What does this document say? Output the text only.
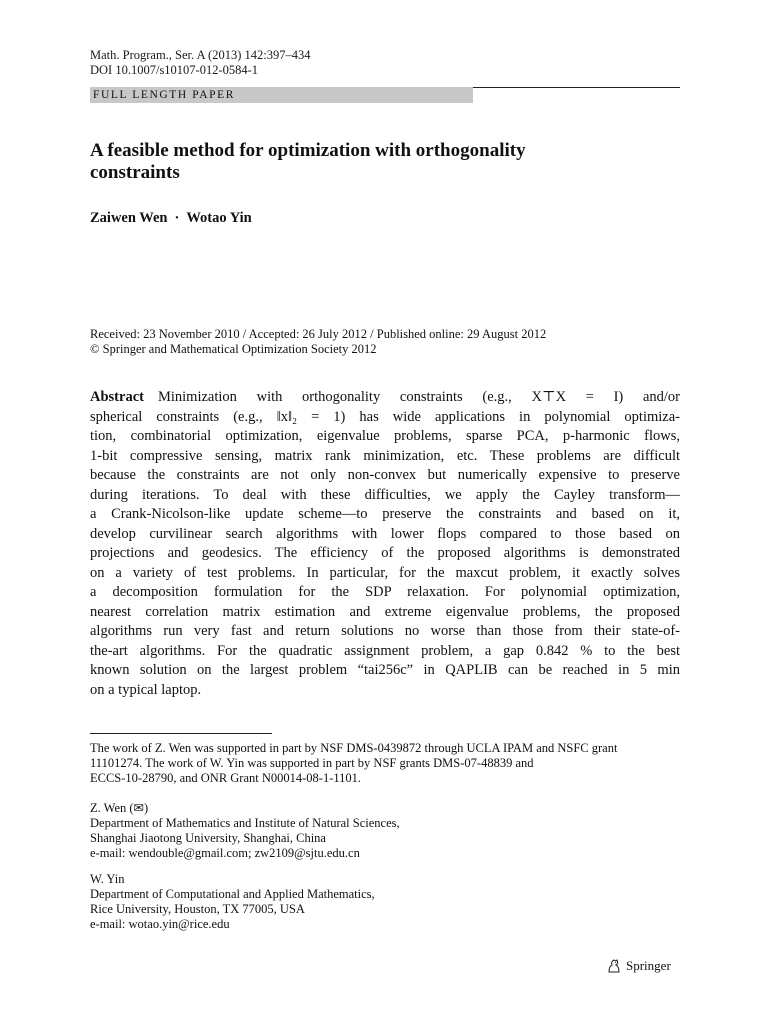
Math. Program., Ser. A (2013) 142:397–434
DOI 10.1007/s10107-012-0584-1
FULL LENGTH PAPER
A feasible method for optimization with orthogonality
constraints
Zaiwen Wen · Wotao Yin
Received: 23 November 2010 / Accepted: 26 July 2012 / Published online: 29 August 2012
© Springer and Mathematical Optimization Society 2012
Abstract Minimization with orthogonality constraints (e.g., X⊤X = I) and/or
spherical constraints (e.g., ‖x‖₂ = 1) has wide applications in polynomial optimiza-
tion, combinatorial optimization, eigenvalue problems, sparse PCA, p-harmonic flows,
1-bit compressive sensing, matrix rank minimization, etc. These problems are difficult
because the constraints are not only non-convex but numerically expensive to preserve
during iterations. To deal with these difficulties, we apply the Cayley transform—
a Crank-Nicolson-like update scheme—to preserve the constraints and based on it,
develop curvilinear search algorithms with lower flops compared to those based on
projections and geodesics. The efficiency of the proposed algorithms is demonstrated
on a variety of test problems. In particular, for the maxcut problem, it exactly solves
a decomposition formulation for the SDP relaxation. For polynomial optimization,
nearest correlation matrix estimation and extreme eigenvalue problems, the proposed
algorithms run very fast and return solutions no worse than those from their state-of-
the-art algorithms. For the quadratic assignment problem, a gap 0.842 % to the best
known solution on the largest problem “tai256c” in QAPLIB can be reached in 5 min
on a typical laptop.
The work of Z. Wen was supported in part by NSF DMS-0439872 through UCLA IPAM and NSFC grant
11101274. The work of W. Yin was supported in part by NSF grants DMS-07-48839 and
ECCS-10-28790, and ONR Grant N00014-08-1-1101.
Z. Wen (✉)
Department of Mathematics and Institute of Natural Sciences,
Shanghai Jiaotong University, Shanghai, China
e-mail: wendouble@gmail.com; zw2109@sjtu.edu.cn
W. Yin
Department of Computational and Applied Mathematics,
Rice University, Houston, TX 77005, USA
e-mail: wotao.yin@rice.edu
Springer
